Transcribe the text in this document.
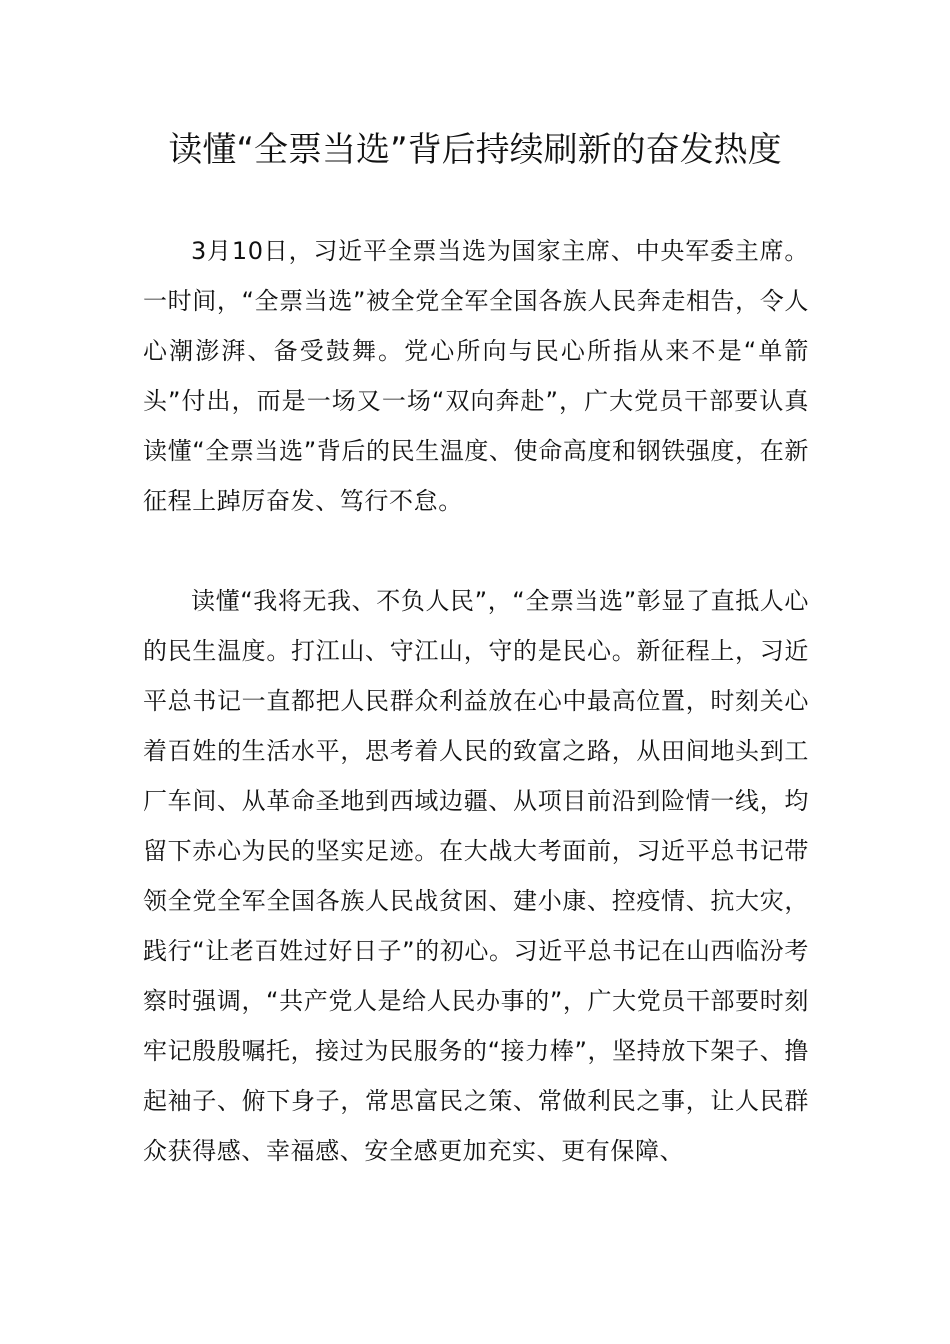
读懂“全票当选”背后持续刷新的奋发热度

3月10日，习近平全票当选为国家主席、中央军委主席。一时间，“全票当选”被全党全军全国各族人民奔走相告，令人心潮澎湃、备受鼓舞。党心所向与民心所指从来不是“单箭头”付出，而是一场又一场“双向奔赴”，广大党员干部要认真读懂“全票当选”背后的民生温度、使命高度和钢铁强度，在新征程上踔厉奋发、笃行不怠。

读懂“我将无我、不负人民”，“全票当选”彰显了直抵人心的民生温度。打江山、守江山，守的是民心。新征程上，习近平总书记一直都把人民群众利益放在心中最高位置，时刻关心着百姓的生活水平，思考着人民的致富之路，从田间地头到工厂车间、从革命圣地到西域边疆、从项目前沿到险情一线，均留下赤心为民的坚实足迹。在大战大考面前，习近平总书记带领全党全军全国各族人民战贫困、建小康、控疫情、抗大灾，践行“让老百姓过好日子”的初心。习近平总书记在山西临汾考察时强调，“共产党人是给人民办事的”，广大党员干部要时刻牢记殷殷嘱托，接过为民服务的“接力棒”，坚持放下架子、撸起袖子、俯下身子，常思富民之策、常做利民之事，让人民群众获得感、幸福感、安全感更加充实、更有保障、
